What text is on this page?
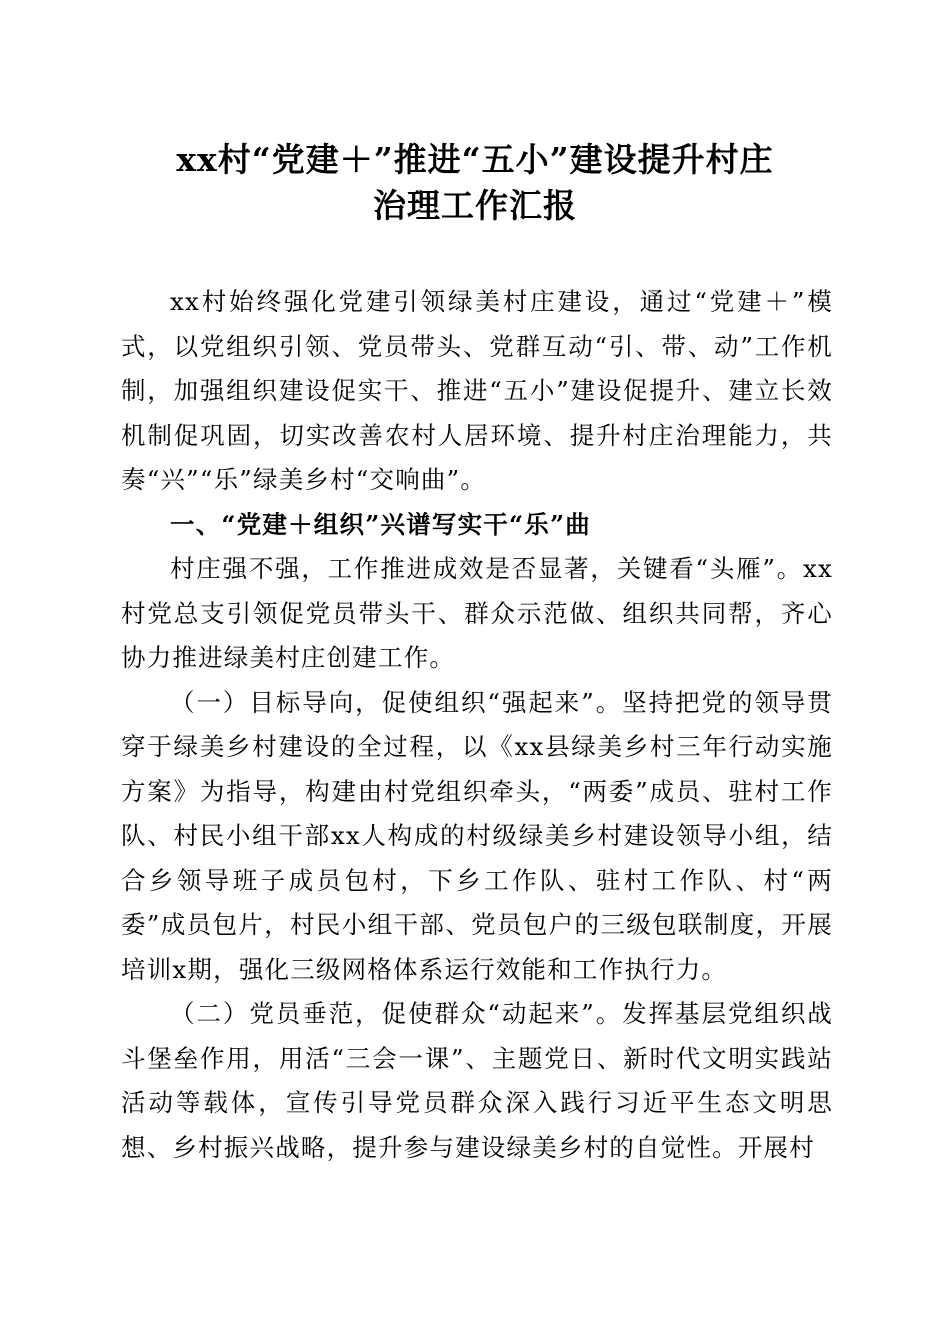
xx村“党建＋”推进“五小”建设提升村庄
治理工作汇报

xx村始终强化党建引领绿美村庄建设，通过“党建＋”模式，以党组织引领、党员带头、党群互动“引、带、动”工作机制，加强组织建设促实干、推进“五小”建设促提升、建立长效机制促巩固，切实改善农村人居环境、提升村庄治理能力，共奏“兴”“乐”绿美乡村“交响曲”。

一、“党建＋组织”兴谱写实干“乐”曲

村庄强不强，工作推进成效是否显著，关键看“头雁”。xx村党总支引领促党员带头干、群众示范做、组织共同帮，齐心协力推进绿美村庄创建工作。

（一）目标导向，促使组织“强起来”。坚持把党的领导贯穿于绿美乡村建设的全过程，以《xx县绿美乡村三年行动实施方案》为指导，构建由村党组织牵头，“两委”成员、驻村工作队、村民小组干部xx人构成的村级绿美乡村建设领导小组，结合乡领导班子成员包村，下乡工作队、驻村工作队、村“两委”成员包片，村民小组干部、党员包户的三级包联制度，开展培训x期，强化三级网格体系运行效能和工作执行力。

（二）党员垂范，促使群众“动起来”。发挥基层党组织战斗堡垒作用，用活“三会一课”、主题党日、新时代文明实践站活动等载体，宣传引导党员群众深入践行习近平生态文明思想、乡村振兴战略，提升参与建设绿美乡村的自觉性。开展村
